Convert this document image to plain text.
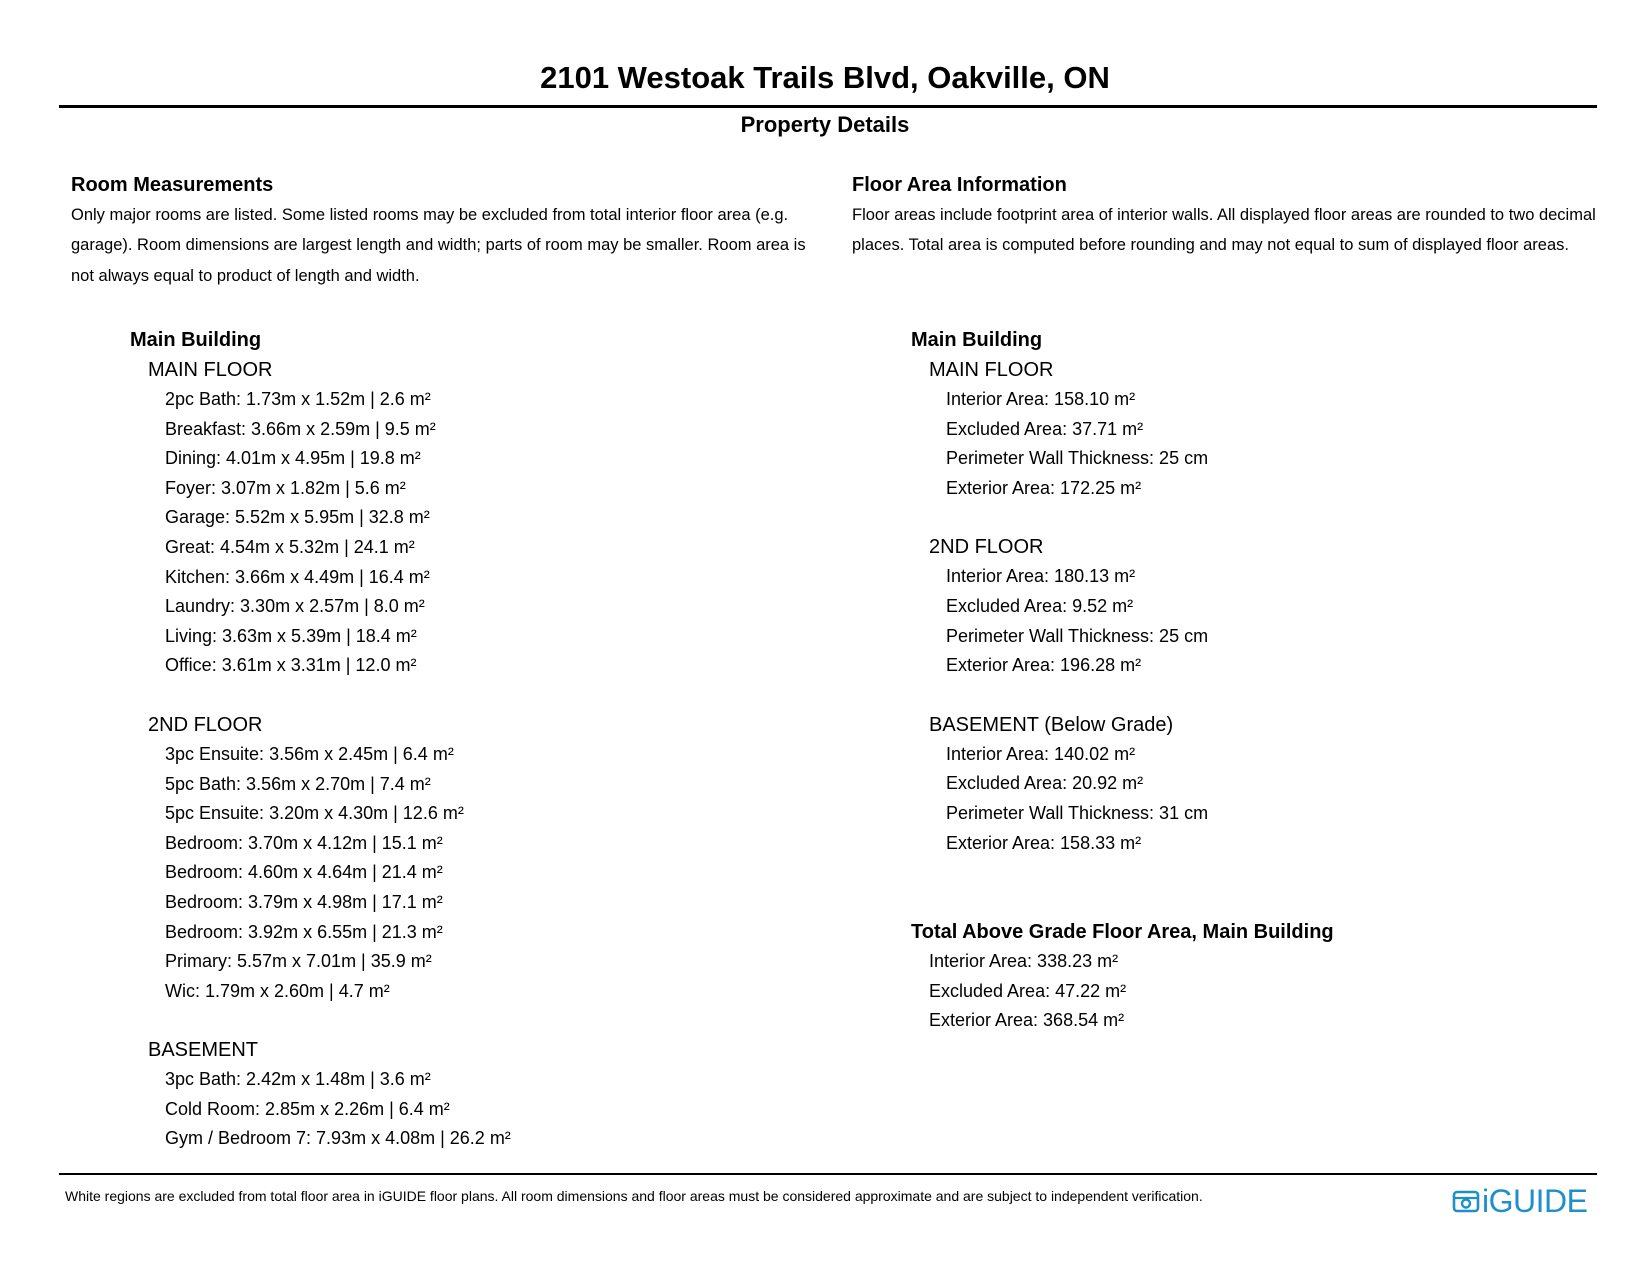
2101 Westoak Trails Blvd, Oakville, ON
Property Details
Room Measurements
Only major rooms are listed. Some listed rooms may be excluded from total interior floor area (e.g. garage). Room dimensions are largest length and width; parts of room may be smaller. Room area is not always equal to product of length and width.
Main Building
MAIN FLOOR
2pc Bath: 1.73m x 1.52m | 2.6 m²
Breakfast: 3.66m x 2.59m | 9.5 m²
Dining: 4.01m x 4.95m | 19.8 m²
Foyer: 3.07m x 1.82m | 5.6 m²
Garage: 5.52m x 5.95m | 32.8 m²
Great: 4.54m x 5.32m | 24.1 m²
Kitchen: 3.66m x 4.49m | 16.4 m²
Laundry: 3.30m x 2.57m | 8.0 m²
Living: 3.63m x 5.39m | 18.4 m²
Office: 3.61m x 3.31m | 12.0 m²
2ND FLOOR
3pc Ensuite: 3.56m x 2.45m | 6.4 m²
5pc Bath: 3.56m x 2.70m | 7.4 m²
5pc Ensuite: 3.20m x 4.30m | 12.6 m²
Bedroom: 3.70m x 4.12m | 15.1 m²
Bedroom: 4.60m x 4.64m | 21.4 m²
Bedroom: 3.79m x 4.98m | 17.1 m²
Bedroom: 3.92m x 6.55m | 21.3 m²
Primary: 5.57m x 7.01m | 35.9 m²
Wic: 1.79m x 2.60m | 4.7 m²
BASEMENT
3pc Bath: 2.42m x 1.48m | 3.6 m²
Cold Room: 2.85m x 2.26m | 6.4 m²
Gym / Bedroom 7: 7.93m x 4.08m | 26.2 m²
Floor Area Information
Floor areas include footprint area of interior walls. All displayed floor areas are rounded to two decimal places. Total area is computed before rounding and may not equal to sum of displayed floor areas.
Main Building
MAIN FLOOR
Interior Area: 158.10 m²
Excluded Area: 37.71 m²
Perimeter Wall Thickness: 25 cm
Exterior Area: 172.25 m²
2ND FLOOR
Interior Area: 180.13 m²
Excluded Area: 9.52 m²
Perimeter Wall Thickness: 25 cm
Exterior Area: 196.28 m²
BASEMENT (Below Grade)
Interior Area: 140.02 m²
Excluded Area: 20.92 m²
Perimeter Wall Thickness: 31 cm
Exterior Area: 158.33 m²
Total Above Grade Floor Area, Main Building
Interior Area: 338.23 m²
Excluded Area: 47.22 m²
Exterior Area: 368.54 m²
White regions are excluded from total floor area in iGUIDE floor plans. All room dimensions and floor areas must be considered approximate and are subject to independent verification.	iGUIDE
